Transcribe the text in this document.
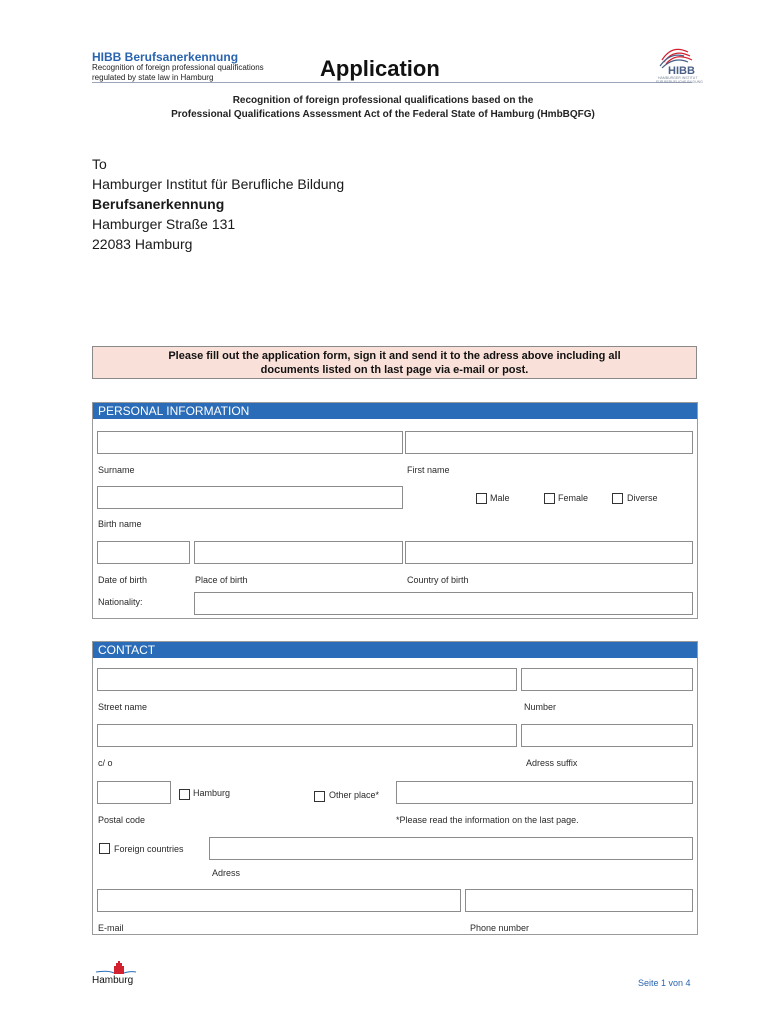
HIBB Berufsanerkennung
Recognition of foreign professional qualifications
regulated by state law in Hamburg	Application	HIBB
HAMBURGER INSTITUT
FÜR BERUFLICHE BILDUNG
Recognition of foreign professional qualifications based on the
Professional Qualifications Assessment Act of the Federal State of Hamburg (HmbBQFG)
To
Hamburger Institut für Berufliche Bildung
Berufsanerkennung
Hamburger Straße 131
22083 Hamburg
Please fill out the application form, sign it and send it to the adress above including all
documents listed on th last page via e-mail or post.
PERSONAL INFORMATION
Surname	First name
Male	Female	Diverse
Birth name
Date of birth	Place of birth	Country of birth
Nationality:
CONTACT
Street name	Number
c/ o	Adress suffix
Hamburg	Other place*
Postal code	*Please read the information on the last page.
Foreign countries
Adress
E-mail	Phone number
Hamburg	Seite 1 von 4
